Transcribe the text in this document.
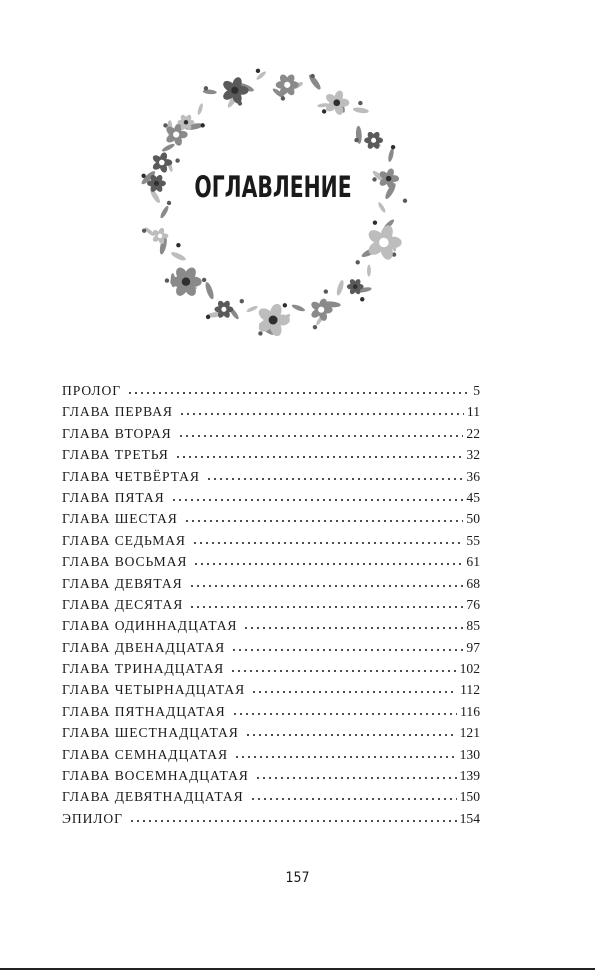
ОГЛАВЛЕНИЕ
ПРОЛОГ	5
ГЛАВА ПЕРВАЯ	11
ГЛАВА ВТОРАЯ	22
ГЛАВА ТРЕТЬЯ	32
ГЛАВА ЧЕТВЁРТАЯ	36
ГЛАВА ПЯТАЯ	45
ГЛАВА ШЕСТАЯ	50
ГЛАВА СЕДЬМАЯ	55
ГЛАВА ВОСЬМАЯ	61
ГЛАВА ДЕВЯТАЯ	68
ГЛАВА ДЕСЯТАЯ	76
ГЛАВА ОДИННАДЦАТАЯ	85
ГЛАВА ДВЕНАДЦАТАЯ	97
ГЛАВА ТРИНАДЦАТАЯ	102
ГЛАВА ЧЕТЫРНАДЦАТАЯ	112
ГЛАВА ПЯТНАДЦАТАЯ	116
ГЛАВА ШЕСТНАДЦАТАЯ	121
ГЛАВА СЕМНАДЦАТАЯ	130
ГЛАВА ВОСЕМНАДЦАТАЯ	139
ГЛАВА ДЕВЯТНАДЦАТАЯ	150
ЭПИЛОГ	154
157
